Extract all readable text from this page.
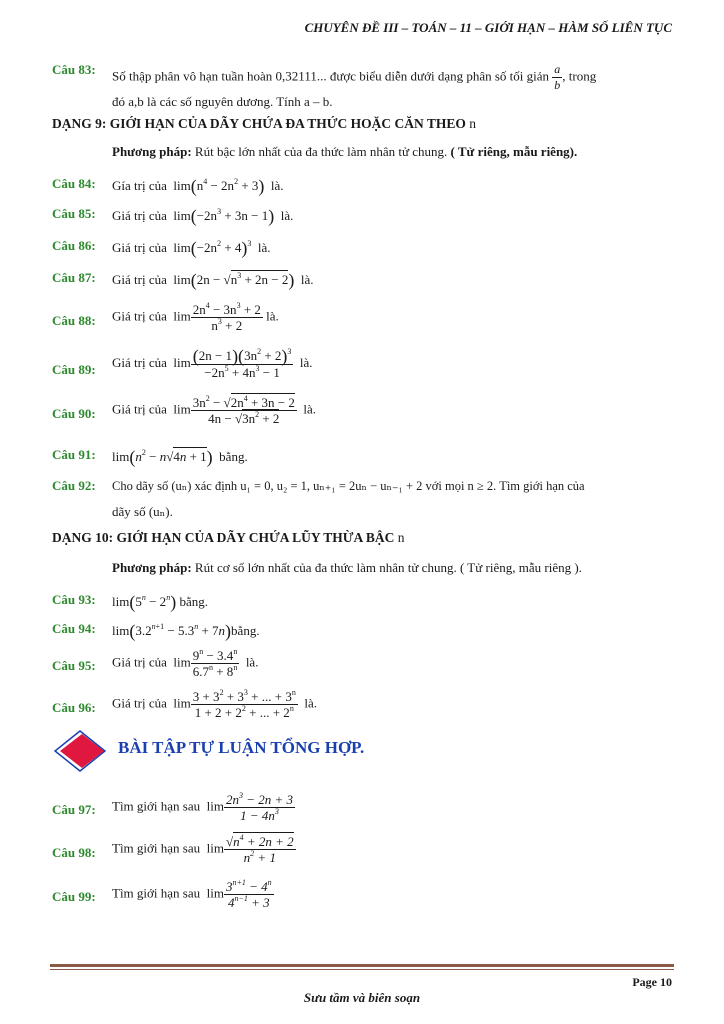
CHUYÊN ĐỀ III – TOÁN – 11 – GIỚI HẠN – HÀM SỐ LIÊN TỤC
Câu 83: Số thập phân vô hạn tuần hoàn 0,32111... được biểu diễn dưới dạng phân số tối giản $\frac{a}{b}$ , trong
đó a,b là các số nguyên dương. Tính a – b.
DẠNG 9: GIỚI HẠN CỦA DÃY CHỨA ĐA THỨC HOẶC CĂN THEO n
Phương pháp: Rút bậc lớn nhất của đa thức làm nhân tử chung. ( Tử riêng, mẫu riêng).
Câu 84: Gía trị của  $\lim(n^4 - 2n^2 + 3)$ là.
Câu 85: Giá trị của  $\lim(-2n^3 + 3n - 1)$ là.
Câu 86: Giá trị của  $\lim(-2n^2 + 4)^3$ là.
Câu 87: Giá trị của  $\lim(2n - √n^3 + 2n - 2)$ là.
Câu 88: Giá trị của  $\lim \frac{2n^4 - 3n^3 + 2}{n^3 + 2}$ là.
Câu 89: Giá trị của  $\lim \frac{(2n - 1)(3n^2 + 2)^3}{-2n^5 + 4n^3 - 1}$ là.
Câu 90: Giá trị của  $\lim \frac{3n^2 - √2n^4 + 3n - 2}{4n - √3n^2 + 2}$ là.
Câu 91: $\lim(n^2 - n√4n + 1)$ bằng.
Câu 92: Cho dãy số (uₙ) xác định u₁ = 0, u₂ = 1, uₙ₊₁ = 2uₙ − uₙ₋₁ + 2 với mọi n ≥ 2. Tìm giới hạn của
dãy số (uₙ).
DẠNG 10: GIỚI HẠN CỦA DÃY CHỨA LŨY THỪA BẬC n
Phương pháp: Rút cơ số lớn nhất của đa thức làm nhân tử chung. ( Tử riêng, mẫu riêng ).
Câu 93: $\lim(5^n - 2^n)$ bằng.
Câu 94: $\lim(3.2^{n+1} - 5.3^n$ + 7n)bằng.
Câu 95: Giá trị của  $\lim \frac{9^n - 3.4^n}{6.7^n + 8^n}$ là.
Câu 96: Giá trị của  $\lim \frac{3 + 3^2 + 3^3 + ... + 3^n}{1 + 2 + 2^2 + ... + 2^n}$ là.
BÀI TẬP TỰ LUẬN TỔNG HỢP.
Câu 97: Tìm giới hạn sau  $\lim \frac{2n^3 - 2n + 3}{1 - 4n^3}$
Câu 98: Tìm giới hạn sau  $\lim \frac{√n^4 + 2n + 2}{n^2 + 1}$
Câu 99: Tìm giới hạn sau  $\lim \frac{3^{n+1} - 4^n}{4^{n-1} + 3}$
Page 10
Sưu tầm và biên soạn
